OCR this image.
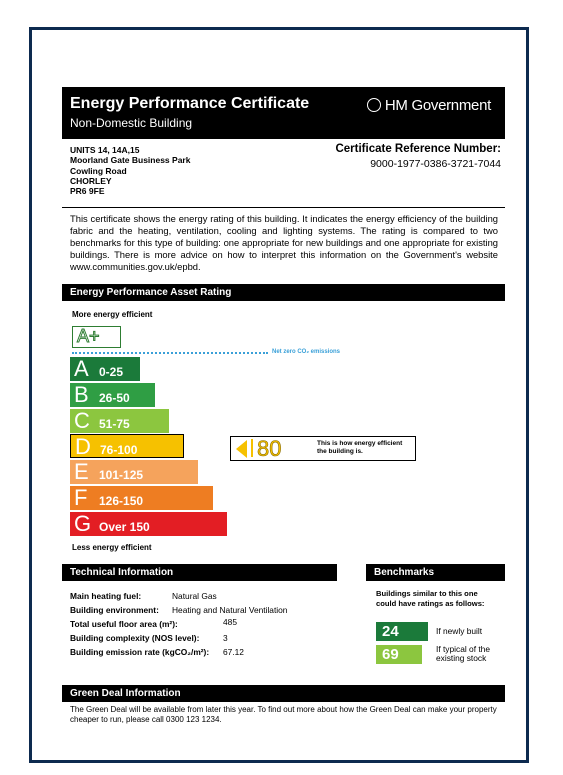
Energy Performance Certificate
Non-Domestic Building
HM Government
UNITS 14, 14A,15
Moorland Gate Business Park
Cowling Road
CHORLEY
PR6 9FE
Certificate Reference Number:
9000-1977-0386-3721-7044
This certificate shows the energy rating of this building. It indicates the energy efficiency of the building fabric and the heating, ventilation, cooling and lighting systems. The rating is compared to two benchmarks for this type of building: one appropriate for new buildings and one appropriate for existing buildings. There is more advice on how to interpret this information on the Government's website www.communities.gov.uk/epbd.
Energy Performance Asset Rating
More energy efficient
A+
Net zero CO₂ emissions
A 0-25
B 26-50
C 51-75
D 76-100
E 101-125
F 126-150
G Over 150
80	This is how energy efficient the building is.
Less energy efficient
Technical Information
Main heating fuel:	Natural Gas
Building environment: Heating and Natural Ventilation
Total useful floor area (m²):	485
Building complexity (NOS level):	3
Building emission rate (kgCO₂/m²): 67.12
Benchmarks
Buildings similar to this one could have ratings as follows:
24	If newly built
69	If typical of the existing stock
Green Deal Information
The Green Deal will be available from later this year. To find out more about how the Green Deal can make your property cheaper to run, please call 0300 123 1234.
